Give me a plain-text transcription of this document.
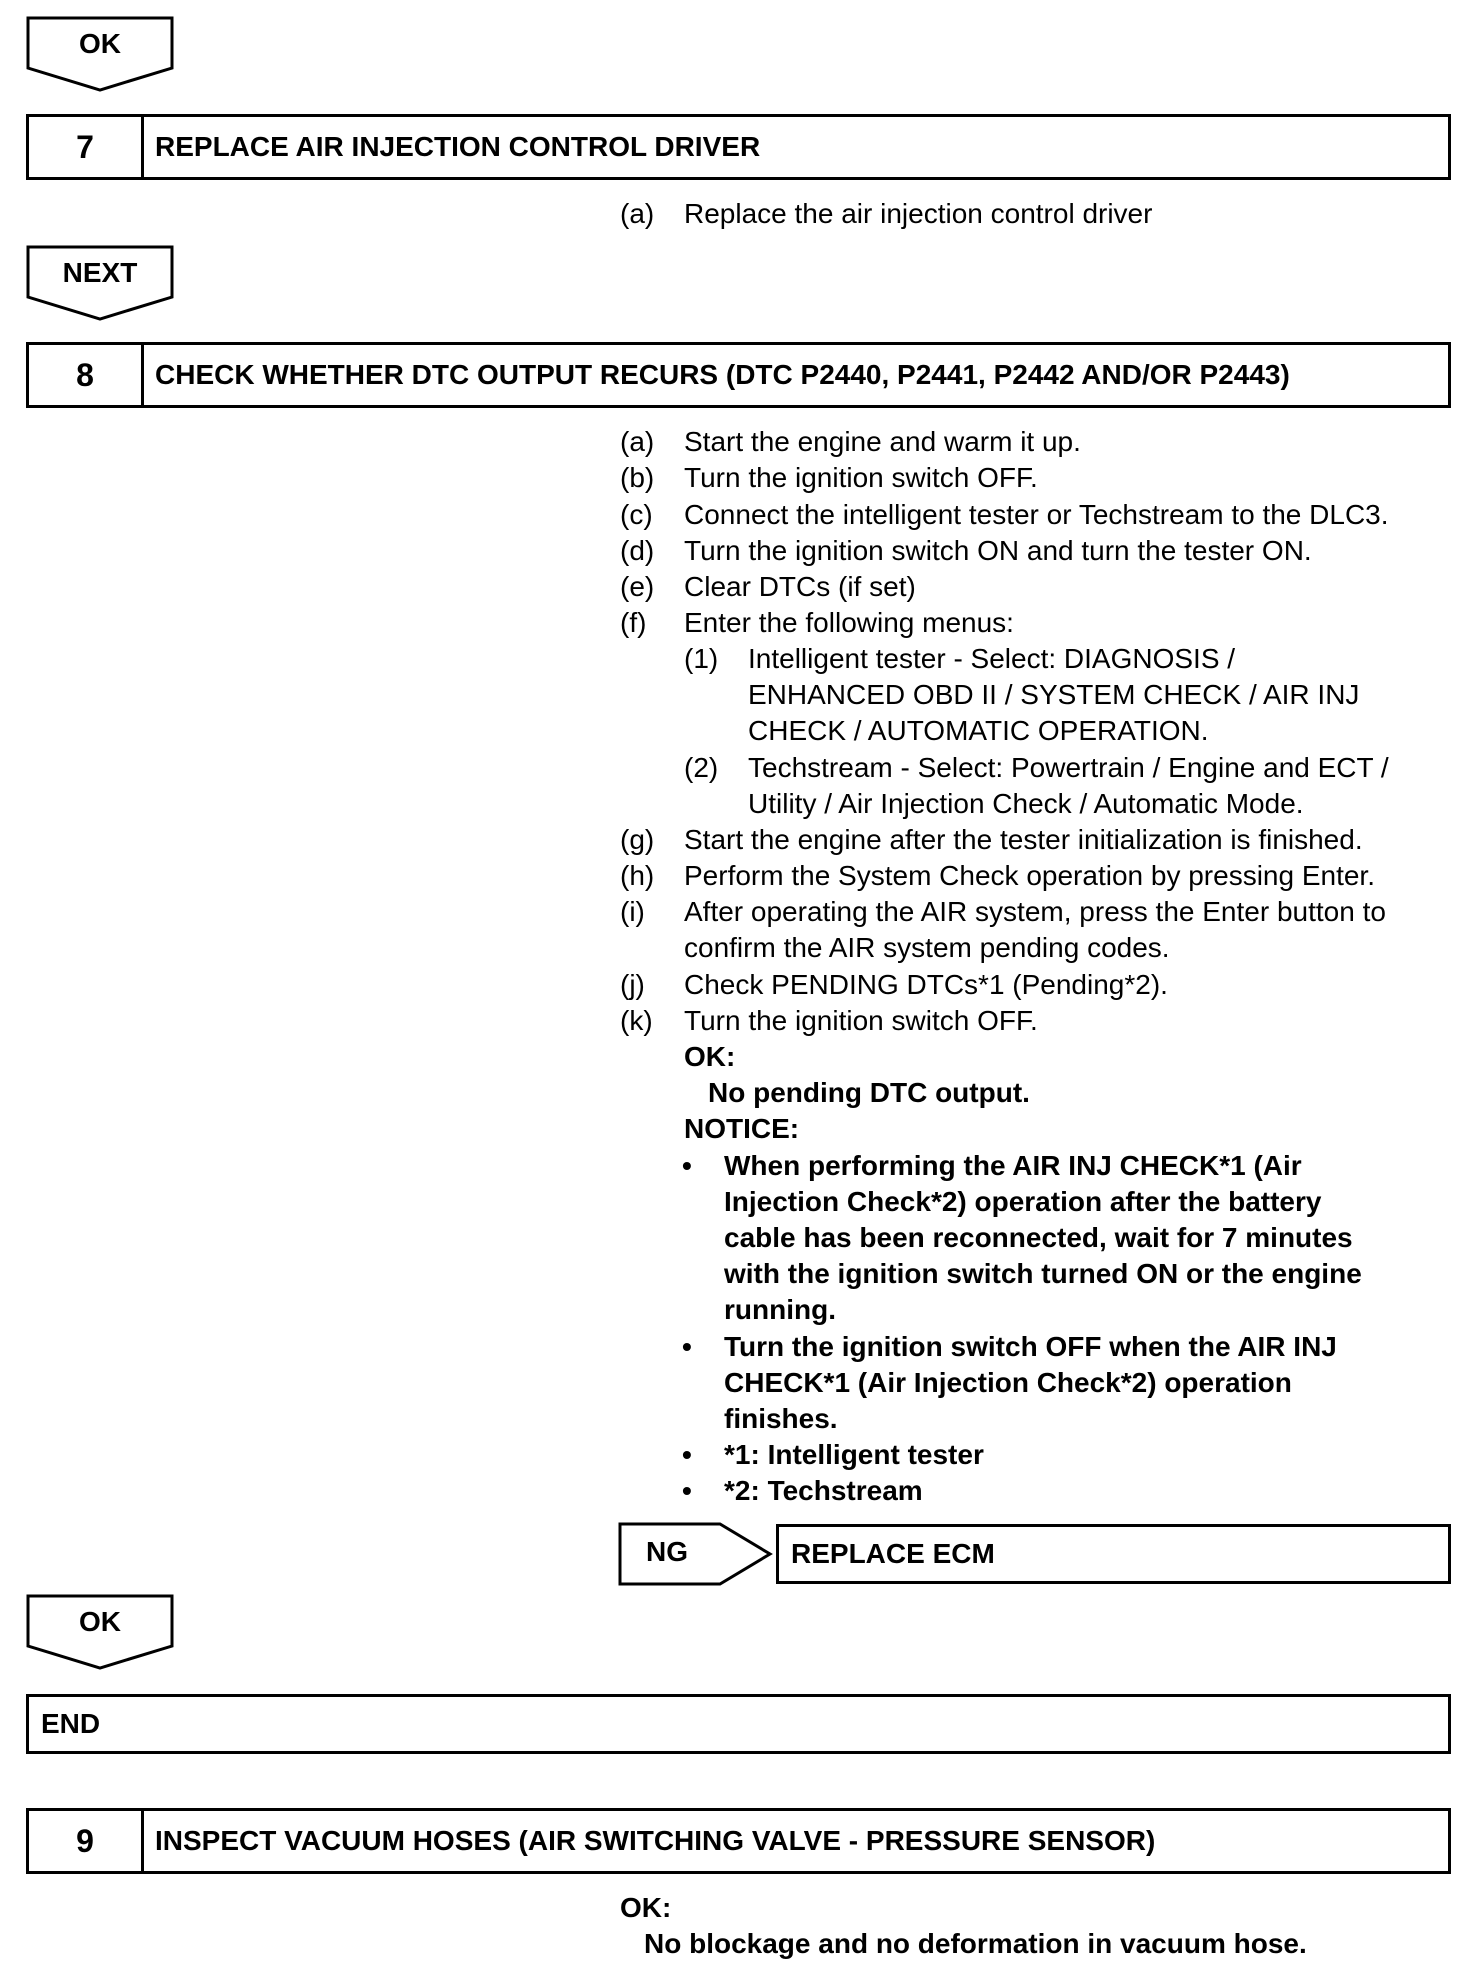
OK
7	REPLACE AIR INJECTION CONTROL DRIVER
(a) Replace the air injection control driver
NEXT
8	CHECK WHETHER DTC OUTPUT RECURS (DTC P2440, P2441, P2442 AND/OR P2443)
(a) Start the engine and warm it up.
(b) Turn the ignition switch OFF.
(c) Connect the intelligent tester or Techstream to the DLC3.
(d) Turn the ignition switch ON and turn the tester ON.
(e) Clear DTCs (if set)
(f) Enter the following menus:
(1) Intelligent tester - Select: DIAGNOSIS /
ENHANCED OBD II / SYSTEM CHECK / AIR INJ
CHECK / AUTOMATIC OPERATION.
(2) Techstream - Select: Powertrain / Engine and ECT /
Utility / Air Injection Check / Automatic Mode.
(g) Start the engine after the tester initialization is finished.
(h) Perform the System Check operation by pressing Enter.
(i) After operating the AIR system, press the Enter button to
confirm the AIR system pending codes.
(j) Check PENDING DTCs*1 (Pending*2).
(k) Turn the ignition switch OFF.
OK:
No pending DTC output.
NOTICE:
• When performing the AIR INJ CHECK*1 (Air
Injection Check*2) operation after the battery
cable has been reconnected, wait for 7 minutes
with the ignition switch turned ON or the engine
running.
• Turn the ignition switch OFF when the AIR INJ
CHECK*1 (Air Injection Check*2) operation
finishes.
• *1: Intelligent tester
• *2: Techstream
NG	REPLACE ECM
OK
END
9	INSPECT VACUUM HOSES (AIR SWITCHING VALVE - PRESSURE SENSOR)
OK:
No blockage and no deformation in vacuum hose.
